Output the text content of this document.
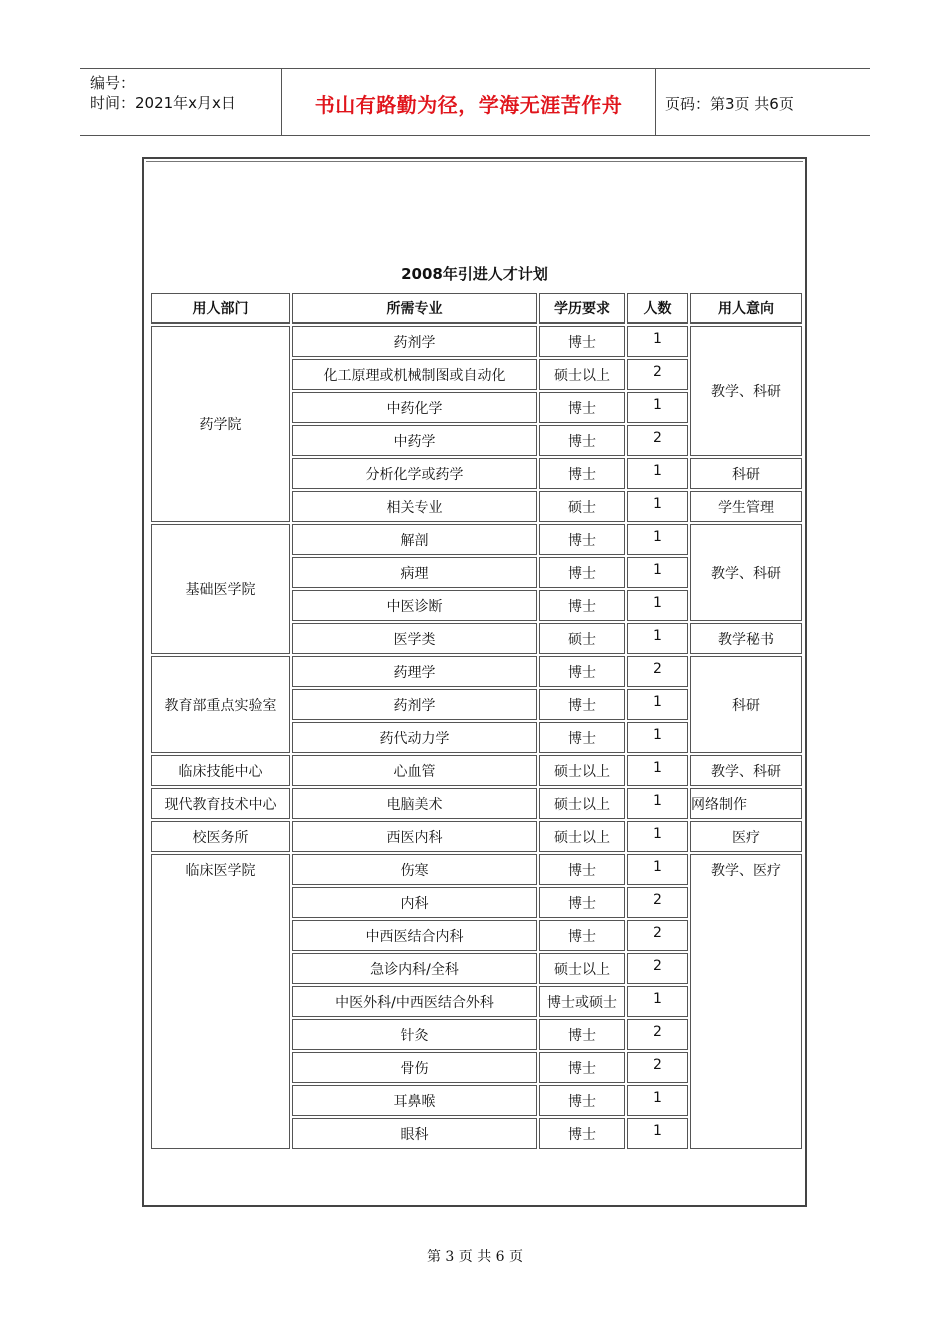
编号：
时间：2021年x月x日	书山有路勤为径，学海无涯苦作舟	页码：第3页 共6页
2008年引进人才计划
用人部门	所需专业	学历要求	人数	用人意向
药学院	药剂学	博士	1	教学、科研
	化工原理或机械制图或自动化	硕士以上	2	
	中药化学	博士	1	
	中药学	博士	2	
	分析化学或药学	博士	1	科研
	相关专业	硕士	1	学生管理
基础医学院	解剖	博士	1	教学、科研
	病理	博士	1	
	中医诊断	博士	1	
	医学类	硕士	1	教学秘书
教育部重点实验室	药理学	博士	2	科研
	药剂学	博士	1	
	药代动力学	博士	1	
临床技能中心	心血管	硕士以上	1	教学、科研
现代教育技术中心	电脑美术	硕士以上	1	网络制作
校医务所	西医内科	硕士以上	1	医疗
临床医学院	伤寒	博士	1	教学、医疗
	内科	博士	2	
	中西医结合内科	博士	2	
	急诊内科/全科	硕士以上	2	
	中医外科/中西医结合外科	博士或硕士	1	
	针灸	博士	2	
	骨伤	博士	2	
	耳鼻喉	博士	1	
	眼科	博士	1	
第 3 页 共 6 页
